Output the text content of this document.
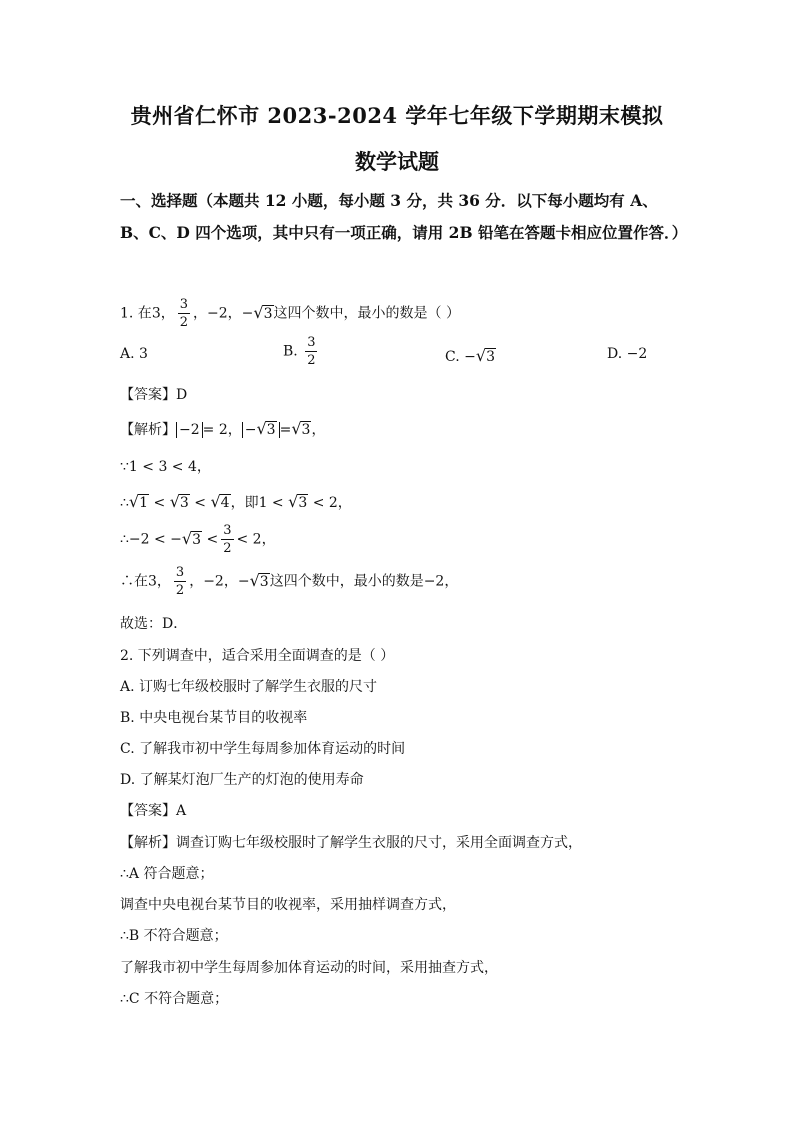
贵州省仁怀市 2023-2024 学年七年级下学期期末模拟
数学试题
一、选择题（本题共 12 小题，每小题 3 分，共 36 分．以下每小题均有 A、B、C、D 四个选项，其中只有一项正确，请用 2B 铅笔在答题卡相应位置作答．）
1. 在3， $\frac{3}{2}$ ，−2，−√3这四个数中，最小的数是（ ）
A. 3	B. $\frac{3}{2}$	C. −√3	D. −2
【答案】D
【解析】 −2 = 2， −√3 =√3，
∵1 < 3 < 4，
∴√1 < √3 < √4，即1 < √3 < 2，
∴−2 < $-√3 < \frac{3}{2} < 2$，
∴在3， $\frac{3}{2}$ ，−2，−√3这四个数中，最小的数是−2，
故选：D．
2. 下列调查中，适合采用全面调查的是（ ）
A. 订购七年级校服时了解学生衣服的尺寸
B. 中央电视台某节目的收视率
C. 了解我市初中学生每周参加体育运动的时间
D. 了解某灯泡厂生产的灯泡的使用寿命
【答案】A
【解析】调查订购七年级校服时了解学生衣服的尺寸，采用全面调查方式，
∴A 符合题意；
调查中央电视台某节目的收视率，采用抽样调查方式，
∴B 不符合题意；
了解我市初中学生每周参加体育运动的时间，采用抽查方式，
∴C 不符合题意；
